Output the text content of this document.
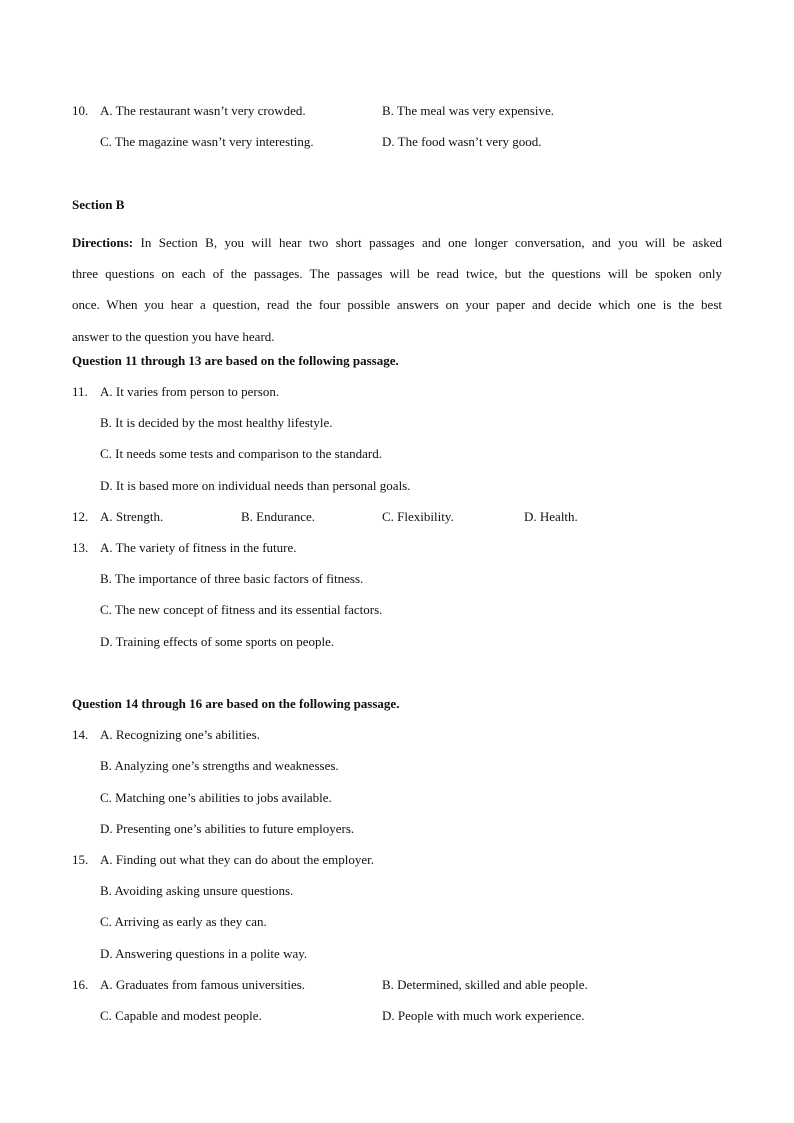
10. A. The restaurant wasn’t very crowded.	B. The meal was very expensive.
C. The magazine wasn’t very interesting.	D. The food wasn’t very good.
Section B
Directions: In Section B, you will hear two short passages and one longer conversation, and you will be asked
three questions on each of the passages. The passages will be read twice, but the questions will be spoken only
once. When you hear a question, read the four possible answers on your paper and decide which one is the best
answer to the question you have heard.
Question 11 through 13 are based on the following passage.
11. A. It varies from person to person.
B. It is decided by the most healthy lifestyle.
C. It needs some tests and comparison to the standard.
D. It is based more on individual needs than personal goals.
12. A. Strength.	B. Endurance.	C. Flexibility.	D. Health.
13. A. The variety of fitness in the future.
B. The importance of three basic factors of fitness.
C. The new concept of fitness and its essential factors.
D. Training effects of some sports on people.
Question 14 through 16 are based on the following passage.
14. A. Recognizing one’s abilities.
B. Analyzing one’s strengths and weaknesses.
C. Matching one’s abilities to jobs available.
D. Presenting one’s abilities to future employers.
15. A. Finding out what they can do about the employer.
B. Avoiding asking unsure questions.
C. Arriving as early as they can.
D. Answering questions in a polite way.
16. A. Graduates from famous universities.	B. Determined, skilled and able people.
C. Capable and modest people.	D. People with much work experience.
